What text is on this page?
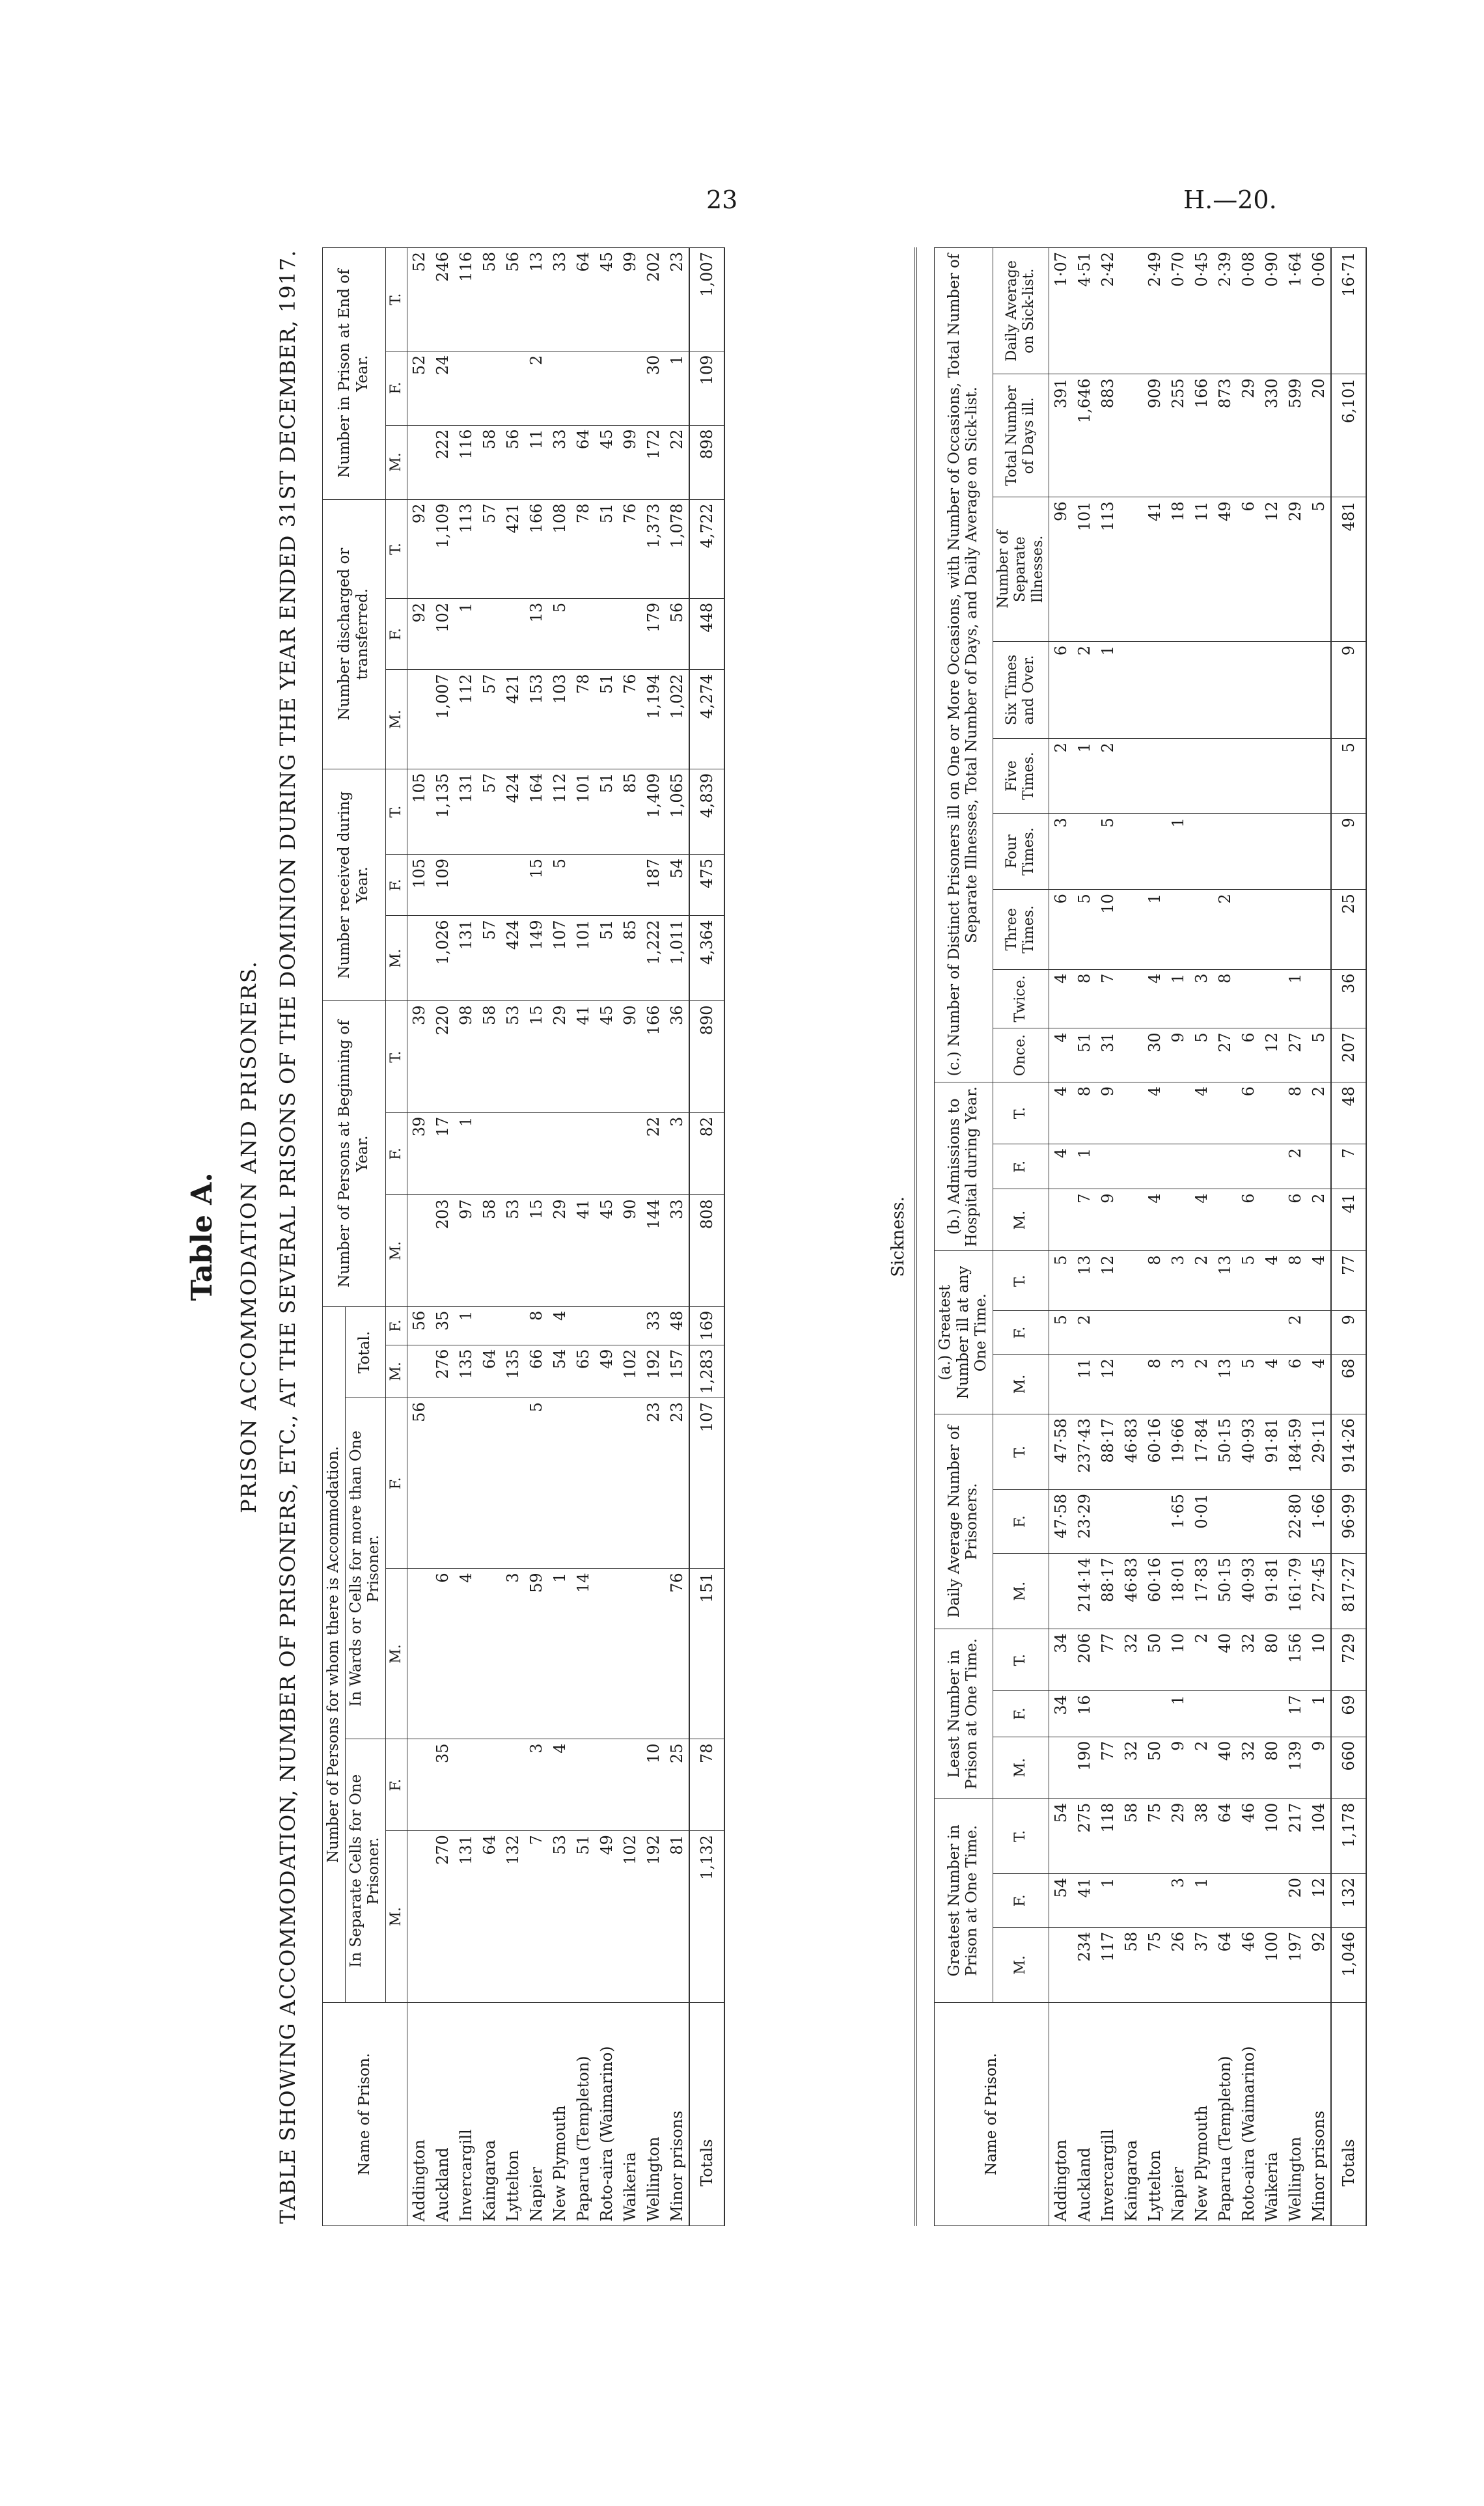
23	H.—20.
Table A. PRISON ACCOMMODATION AND PRISONERS. TABLE SHOWING ACCOMMODATION, NUMBER OF PRISONERS, ETC., AT THE SEVERAL PRISONS OF THE DOMINION DURING THE YEAR ENDED 31ST DECEMBER, 1917.	Name of Prison.	Number of Persons for whom there is Accommodation.						Number of Persons at Beginning of Year.			Number received during Year.			Number discharged or transferred.			Number in Prison at End of Year.		
	In Separate Cells for One Prisoner.		In Wards or Cells for more than One Prisoner.		Total.													
	M.	F.	M.	F.	M.	F.	M.	F.	T.	M.	F.	T.	M.	F.	T.	M.	F.	T.
Addington				56		56		39	39		105	105		92	92		52	52
Auckland	270	35	6		276	35	203	17	220	1,026	109	1,135	1,007	102	1,109	222	24	246
Invercargill	131		4		135	1	97	1	98	131		131	112	1	113	116		116
Kaingaroa	64				64		58		58	57		57	57		57	58		58
Lyttelton	132		3		135		53		53	424		424	421		421	56		56
Napier	7	3	59	5	66	8	15		15	149	15	164	153	13	166	11	2	13
New Plymouth	53	4	1		54	4	29		29	107	5	112	103	5	108	33		33
Paparua (Templeton)	51		14		65		41		41	101		101	78		78	64		64
Roto-aira (Waimarino)	49				49		45		45	51		51	51		51	45		45
Waikeria	102				102		90		90	85		85	76		76	99		99
Wellington	192	10		23	192	33	144	22	166	1,222	187	1,409	1,194	179	1,373	172	30	202
Minor prisons	81	25	76	23	157	48	33	3	36	1,011	54	1,065	1,022	56	1,078	22	1	23
Totals	1,132	78	151	107	1,283	169	808	82	890	4,364	475	4,839	4,274	448	4,722	898	109	1,007
Sickness.
Name of Prison.	Greatest Number in Prison at One Time.			Least Number in Prison at One Time.			Daily Average Number of Prisoners.			(a.) Greatest Number ill at any One Time.			(b.) Admissions to Hospital during Year.			(c.) Number of Distinct Prisoners ill on One or More Occasions, with Number of Occasions, Total Number of Separate Illnesses, Total Number of Days, and Daily Average on Sick-list.								
	M.	F.	T.	M.	F.	T.	M.	F.	T.	M.	F.	T.	M.	F.	T.	Once.	Twice.	Three Times.	Four Times.	Five Times.	Six Times and Over.	Number of Separate Illnesses.	Total Number of Days ill.	Daily Average on Sick-list.
Addington		54	54		34	34		47·58	47·58		5	5		4	4	4	4	6	3	2	6	96	391	1·07
Auckland	234	41	275	190	16	206	214·14	23·29	237·43	11	2	13	7	1	8	51	8	5		1	2	101	1,646	4·51
Invercargill	117	1	118	77		77	88·17		88·17	12		12	9		9	31	7	10	5	2	1	113	883	2·42
Kaingaroa	58		58	32		32	46·83		46·83															
Lyttelton	75		75	50		50	60·16		60·16	8		8	4		4	30	4	1				41	909	2·49
Napier	26	3	29	9	1	10	18·01	1·65	19·66	3		3				9	1		1			18	255	0·70
New Plymouth	37	1	38	2		2	17·83	0·01	17·84	2		2	4		4	5	3					11	166	0·45
Paparua (Templeton)	64		64	40		40	50·15		50·15	13		13				27	8	2				49	873	2·39
Roto-aira (Waimarino)	46		46	32		32	40·93		40·93	5		5	6		6	6						6	29	0·08
Waikeria	100		100	80		80	91·81		91·81	4		4				12						12	330	0·90
Wellington	197	20	217	139	17	156	161·79	22·80	184·59	6	2	8	6	2	8	27	1					29	599	1·64
Minor prisons	92	12	104	9	1	10	27·45	1·66	29·11	4		4	2		2	5						5	20	0·06
Totals	1,046	132	1,178	660	69	729	817·27	96·99	914·26	68	9	77	41	7	48	207	36	25	9	5	9	481	6,101	16·71
